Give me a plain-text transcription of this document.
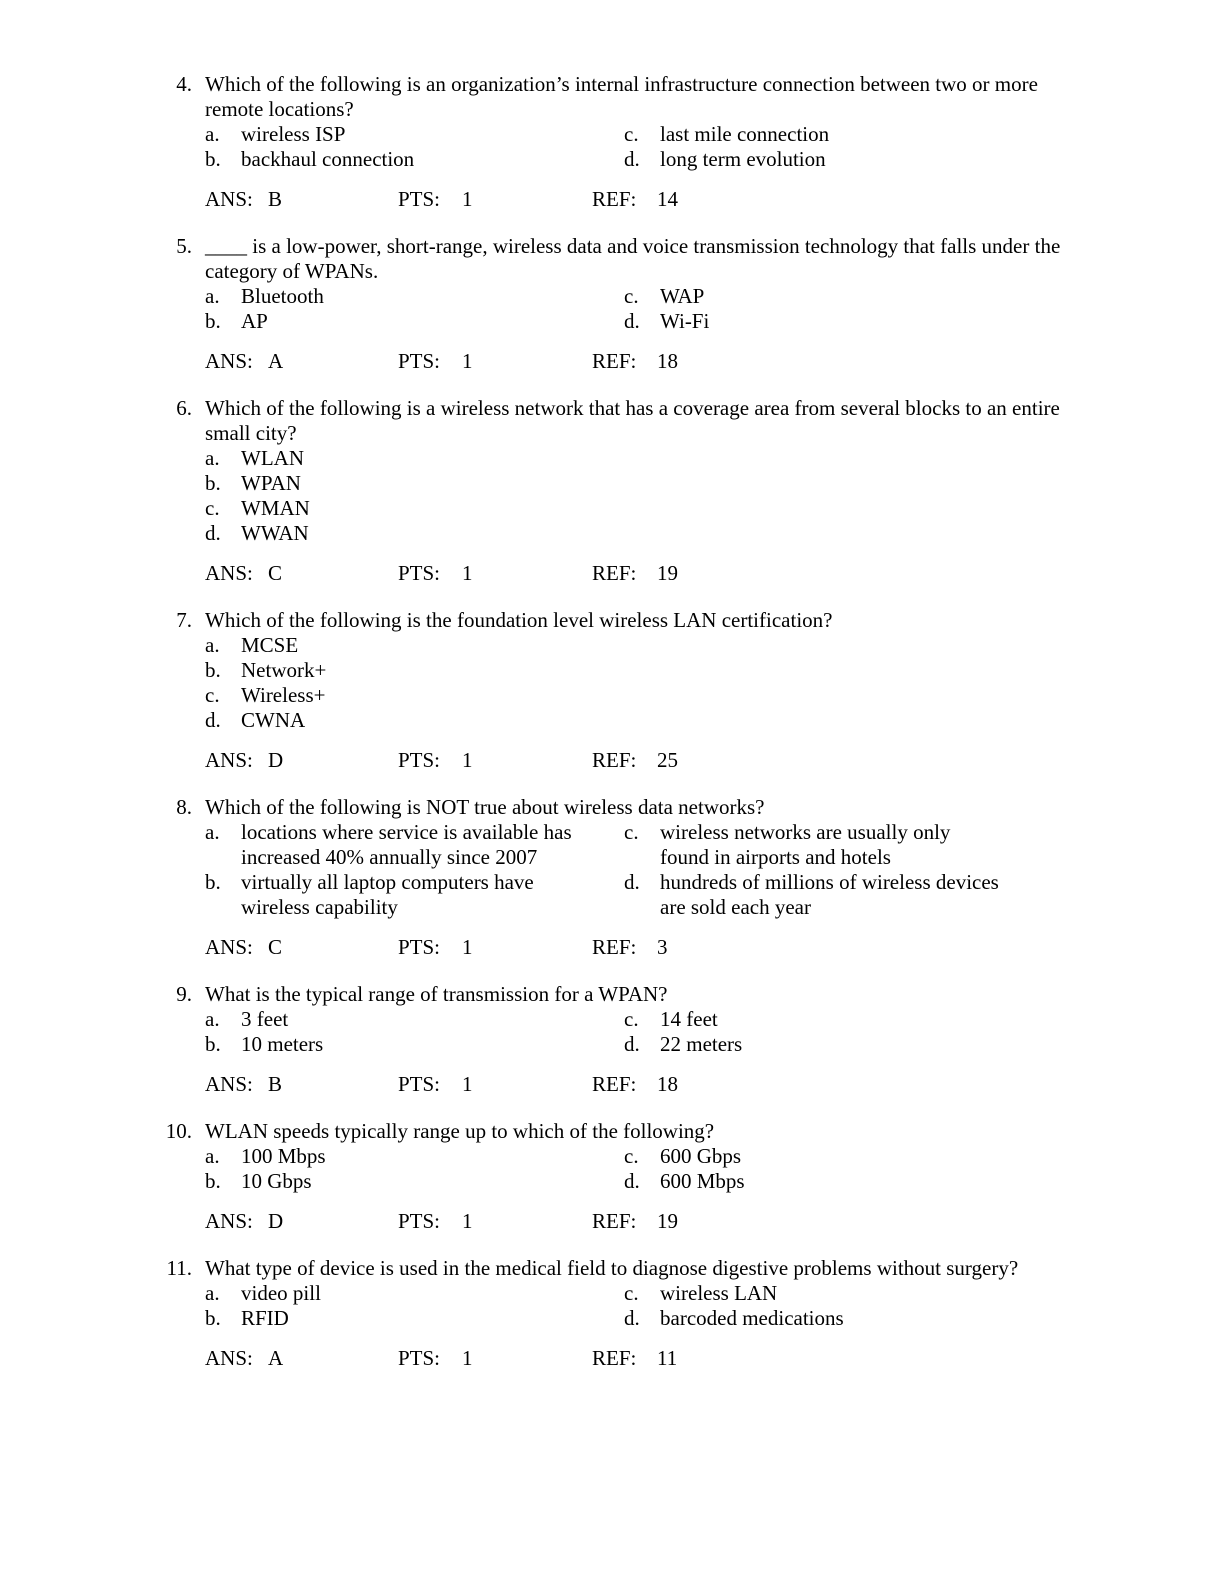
4. Which of the following is an organization’s internal infrastructure connection between two or more remote locations?
a. wireless ISP	c. last mile connection
b. backhaul connection	d. long term evolution
ANS: B	PTS: 1	REF: 14
5. ____ is a low-power, short-range, wireless data and voice transmission technology that falls under the category of WPANs.
a. Bluetooth	c. WAP
b. AP	d. Wi-Fi
ANS: A	PTS: 1	REF: 18
6. Which of the following is a wireless network that has a coverage area from several blocks to an entire small city?
a. WLAN
b. WPAN
c. WMAN
d. WWAN
ANS: C	PTS: 1	REF: 19
7. Which of the following is the foundation level wireless LAN certification?
a. MCSE
b. Network+
c. Wireless+
d. CWNA
ANS: D	PTS: 1	REF: 25
8. Which of the following is NOT true about wireless data networks?
a. locations where service is available has increased 40% annually since 2007
c. wireless networks are usually only found in airports and hotels
b. virtually all laptop computers have wireless capability
d. hundreds of millions of wireless devices are sold each year
ANS: C	PTS: 1	REF: 3
9. What is the typical range of transmission for a WPAN?
a. 3 feet	c. 14 feet
b. 10 meters	d. 22 meters
ANS: B	PTS: 1	REF: 18
10. WLAN speeds typically range up to which of the following?
a. 100 Mbps	c. 600 Gbps
b. 10 Gbps	d. 600 Mbps
ANS: D	PTS: 1	REF: 19
11. What type of device is used in the medical field to diagnose digestive problems without surgery?
a. video pill	c. wireless LAN
b. RFID	d. barcoded medications
ANS: A	PTS: 1	REF: 11
